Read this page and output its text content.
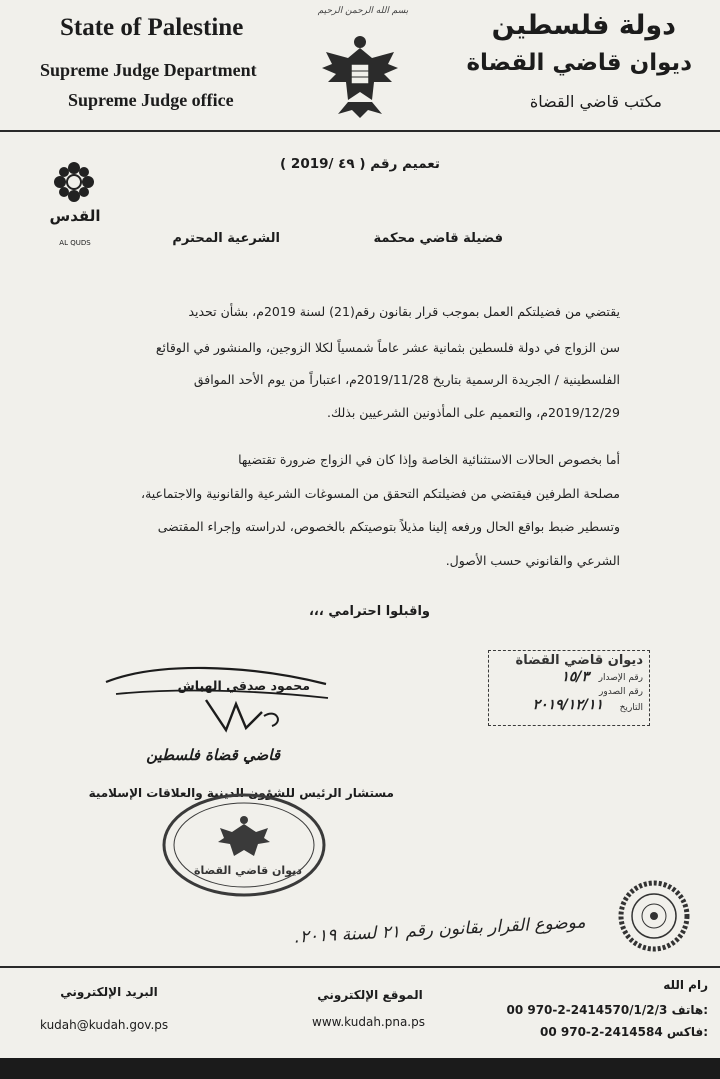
State of Palestine
Supreme Judge Department
Supreme Judge office
بسم الله الرحمن الرحيم	دولة فلسطين
ديوان قاضي القضاة
مكتب قاضي القضاة
تعميم رقم ( ٤٩ /2019 )
القدس
AL QUDS	فضيلة قاضي محكمة
الشرعية المحترم
يقتضي من فضيلتكم العمل بموجب قرار بقانون رقم(21) لسنة 2019م، بشأن تحديد
سن الزواج في دولة فلسطين بثمانية عشر عاماً شمسياً لكلا الزوجين، والمنشور في الوقائع
الفلسطينية / الجريدة الرسمية بتاريخ 2019/11/28م، اعتباراً من يوم الأحد الموافق
2019/12/29م، والتعميم على المأذونين الشرعيين بذلك.
أما بخصوص الحالات الاستثنائية الخاصة وإذا كان في الزواج ضرورة تقتضيها
مصلحة الطرفين فيقتضي من فضيلتكم التحقق من المسوغات الشرعية والقانونية والاجتماعية،
وتسطير ضبط بواقع الحال ورفعه إلينا مذيلاً بتوصيتكم بالخصوص، لدراسته وإجراء المقتضى
الشرعي والقانوني حسب الأصول.
واقبلوا احترامي ،،،
ديوان قاضي القضاة
رقم الإصدار
١٥/٣
رقم الصدور
التاريخ
٢٠١٩/١٢/١١
محمود صدقي الهباش
قاضي قضاة فلسطين
مستشار الرئيس للشؤون الدينية والعلاقات الإسلامية
ديوان قاضي القضاة
موضوع القرار بقانون رقم ٢١ لسنة ٢٠١٩.
البريد الإلكتروني
kudah@kudah.gov.ps
الموقع الإلكتروني
www.kudah.pna.ps
رام الله
00 970-2-2414570/1/2/3 هاتف:
00 970-2-2414584 فاكس:
